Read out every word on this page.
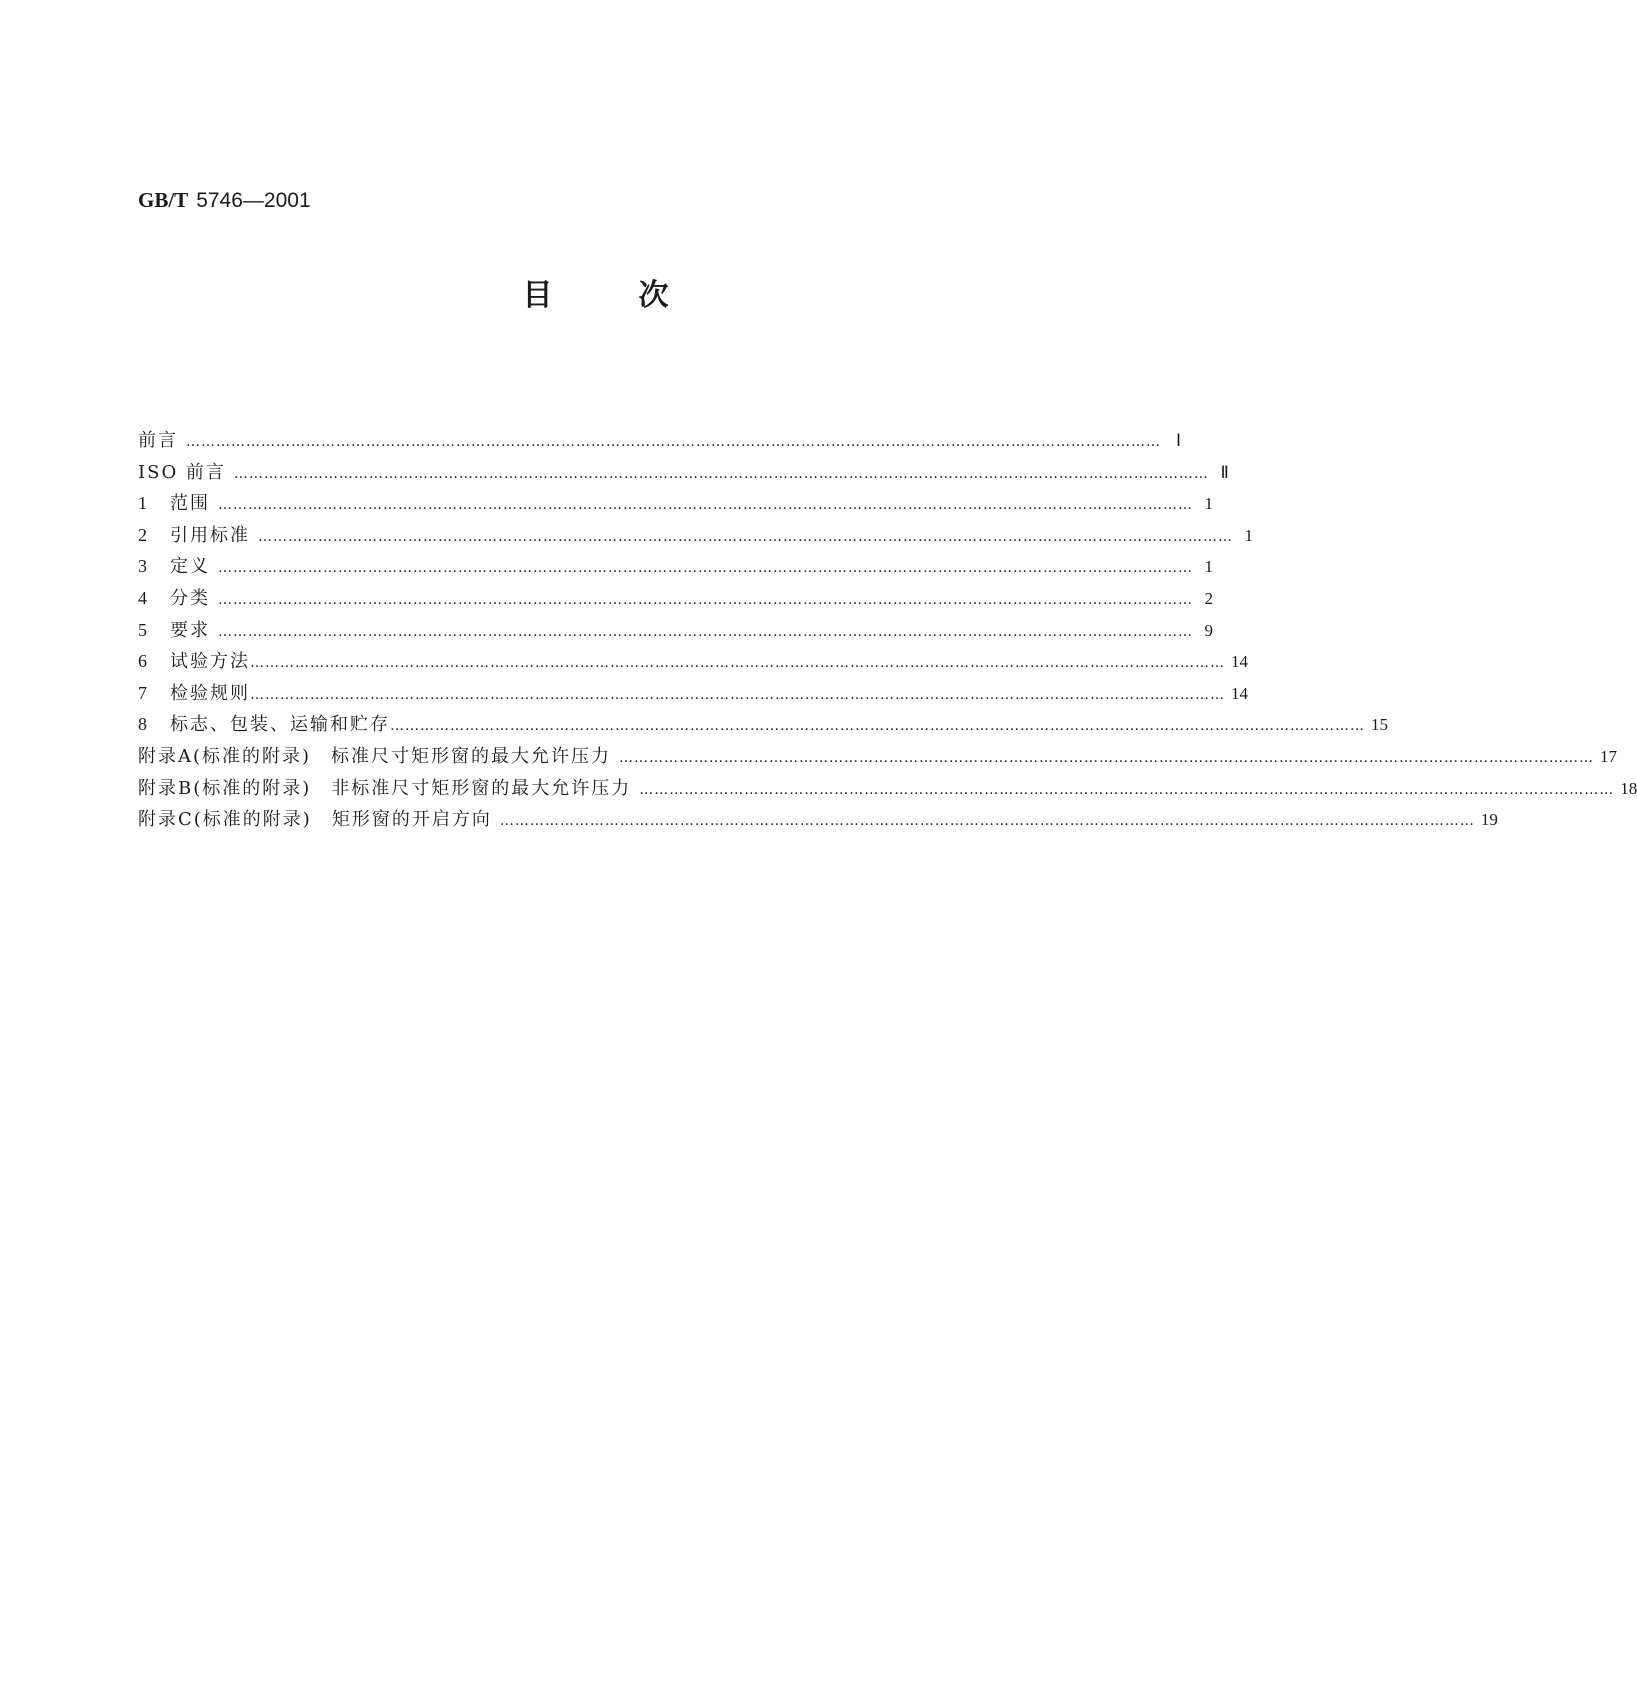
GB/T 5746—2001
目	次
前言 …………………………………………………………………………………………………………………………………………………………………………… Ⅰ
ISO 前言 …………………………………………………………………………………………………………………………………………………………………………… Ⅱ
1	范围 …………………………………………………………………………………………………………………………………………………………………………… 1
2	引用标准 …………………………………………………………………………………………………………………………………………………………………………… 1
3	定义 …………………………………………………………………………………………………………………………………………………………………………… 1
4	分类 …………………………………………………………………………………………………………………………………………………………………………… 2
5	要求 …………………………………………………………………………………………………………………………………………………………………………… 9
6	试验方法 …………………………………………………………………………………………………………………………………………………………………………… 14
7	检验规则 …………………………………………………………………………………………………………………………………………………………………………… 14
8	标志、包装、运输和贮存 …………………………………………………………………………………………………………………………………………………………………………… 15
附录A(标准的附录)　标准尺寸矩形窗的最大允许压力 …………………………………………………………………………………………………………………………………………………………………………… 17
附录B(标准的附录)　非标准尺寸矩形窗的最大允许压力 …………………………………………………………………………………………………………………………………………………………………………… 18
附录C(标准的附录)　矩形窗的开启方向 …………………………………………………………………………………………………………………………………………………………………………… 19
